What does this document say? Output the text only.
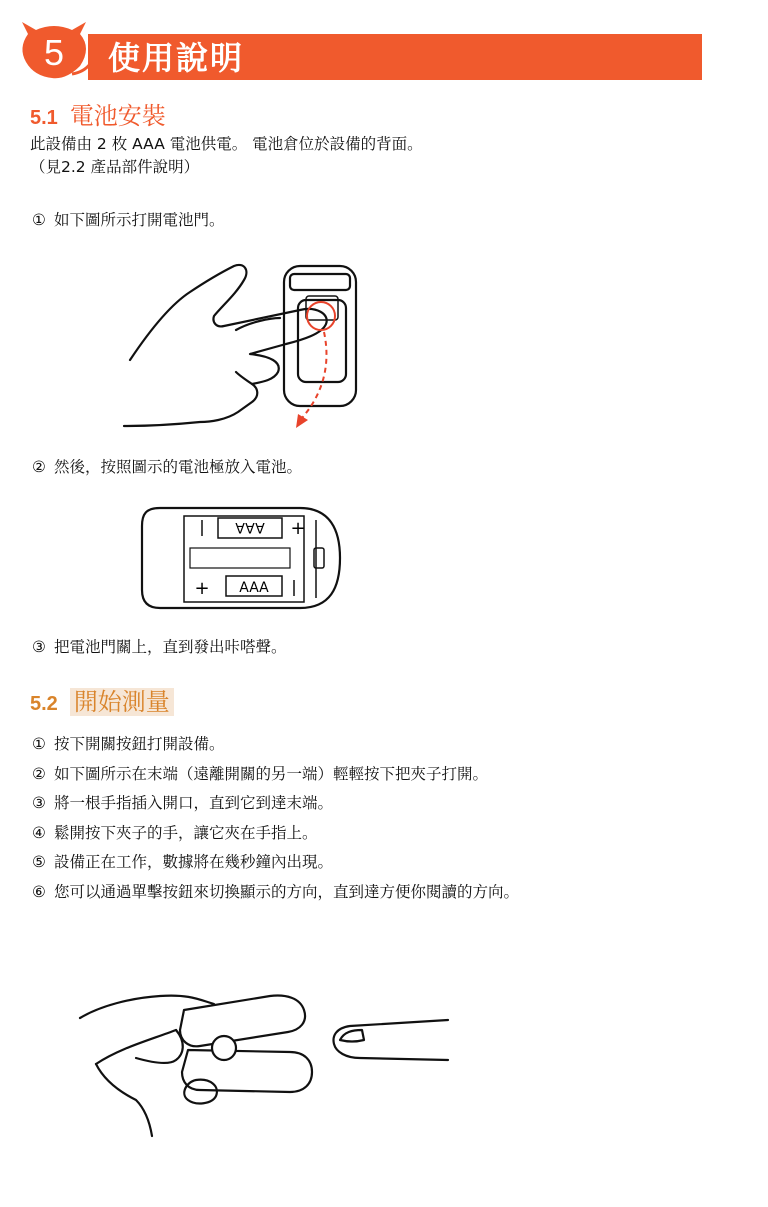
5 使用說明
5.1 電池安裝
此設備由 2 枚 AAA 電池供電。 電池倉位於設備的背面。
（見2.2 產品部件說明）
① 如下圖所示打開電池門。
② 然後，按照圖示的電池極放入電池。
AAA
AAA
+
+
③ 把電池門關上，直到發出咔嗒聲。
5.2 開始測量
① 按下開關按鈕打開設備。
② 如下圖所示在末端（遠離開關的另一端）輕輕按下把夾子打開。
③ 將一根手指插入開口，直到它到達末端。
④ 鬆開按下夾子的手，讓它夾在手指上。
⑤ 設備正在工作，數據將在幾秒鐘內出現。
⑥ 您可以通過單擊按鈕來切換顯示的方向，直到達方便你閱讀的方向。
